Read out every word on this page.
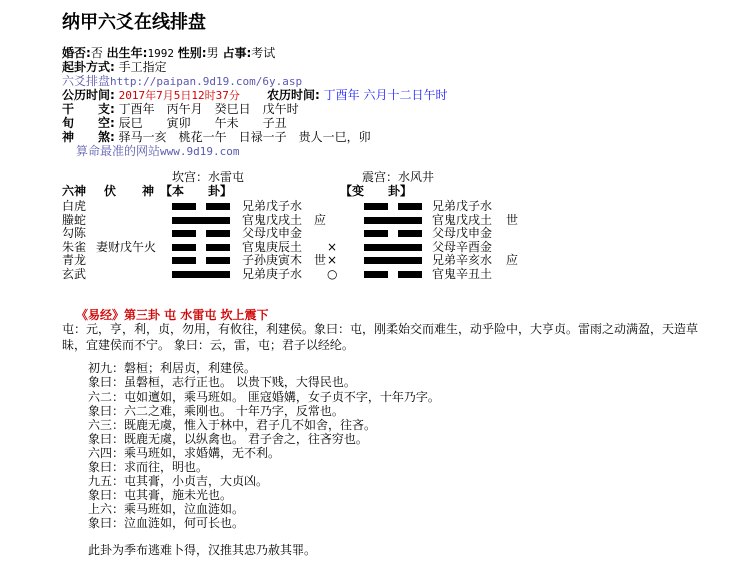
纳甲六爻在线排盘
婚否:否 出生年:1992 性别:男 占事:考试
起卦方式: 手工指定
六爻排盘http://paipan.9d19.com/6y.asp
公历时间: 2017年7月5日12时37分 农历时间: 丁酉年 六月十二日午时
干　　支: 丁酉年　丙午月　癸巳日　戊午时
旬　　空: 辰巳　　寅卯　　午未　　子丑
神　　煞: 驿马一亥　桃花一午　日禄一子　贵人一巳，卯
算命最准的网站www.9d19.com
坎宫：水雷屯	震宫：水风井
六神 伏 神 【本　　卦】	【变　　卦】
白虎	兄弟戊子水	兄弟戊子水
螣蛇	官鬼戊戌土 应	官鬼戊戌土 世
勾陈	父母戊申金	父母戊申金
朱雀 妻财戊午火	官鬼庚辰土 ×	父母辛酉金
青龙	子孙庚寅木 世 ×	兄弟辛亥水 应
玄武	兄弟庚子水 ○	官鬼辛丑土
《易经》第三卦 屯 水雷屯 坎上震下
屯：元，亨，利，贞，勿用，有攸往，利建侯。象曰：屯，刚柔始交而难生，动乎险中，大亨贞。雷雨之动满盈，天造草昧，宜建侯而不宁。 象曰：云，雷，屯；君子以经纶。
初九：磐桓；利居贞，利建侯。
象曰：虽磐桓，志行正也。 以贵下贱，大得民也。
六二：屯如邅如，乘马班如。 匪寇婚媾，女子贞不字，十年乃字。
象曰：六二之难，乘刚也。 十年乃字，反常也。
六三：既鹿无虞，惟入于林中，君子几不如舍，往吝。
象曰：既鹿无虞，以纵禽也。 君子舍之，往吝穷也。
六四：乘马班如，求婚媾，无不利。
象曰：求而往，明也。
九五：屯其膏，小贞吉，大贞凶。
象曰：屯其膏，施未光也。
上六：乘马班如，泣血涟如。
象曰：泣血涟如，何可长也。
此卦为季布逃难卜得，汉推其忠乃赦其罪。
